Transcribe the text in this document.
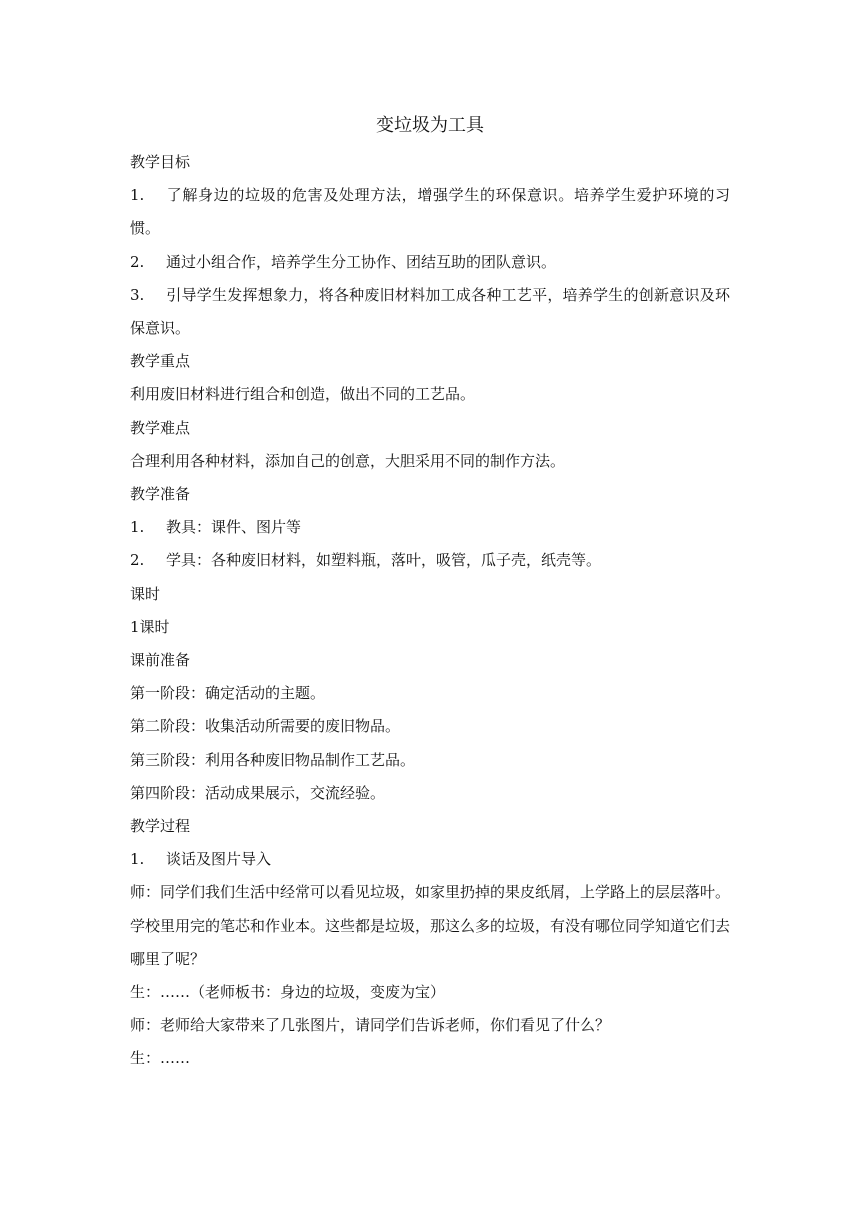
变垃圾为工具

教学目标

1. 了解身边的垃圾的危害及处理方法，增强学生的环保意识。培养学生爱护环境的习惯。

2. 通过小组合作，培养学生分工协作、团结互助的团队意识。

3. 引导学生发挥想象力，将各种废旧材料加工成各种工艺平，培养学生的创新意识及环保意识。

教学重点

利用废旧材料进行组合和创造，做出不同的工艺品。

教学难点

合理利用各种材料，添加自己的创意，大胆采用不同的制作方法。

教学准备

1. 教具：课件、图片等

2. 学具：各种废旧材料，如塑料瓶，落叶，吸管，瓜子壳，纸壳等。

课时

1课时

课前准备

第一阶段：确定活动的主题。

第二阶段：收集活动所需要的废旧物品。

第三阶段：利用各种废旧物品制作工艺品。

第四阶段：活动成果展示，交流经验。

教学过程

1. 谈话及图片导入

师：同学们我们生活中经常可以看见垃圾，如家里扔掉的果皮纸屑，上学路上的层层落叶。学校里用完的笔芯和作业本。这些都是垃圾，那这么多的垃圾，有没有哪位同学知道它们去哪里了呢？

生：……（老师板书：身边的垃圾，变废为宝）

师：老师给大家带来了几张图片，请同学们告诉老师，你们看见了什么？

生：……
